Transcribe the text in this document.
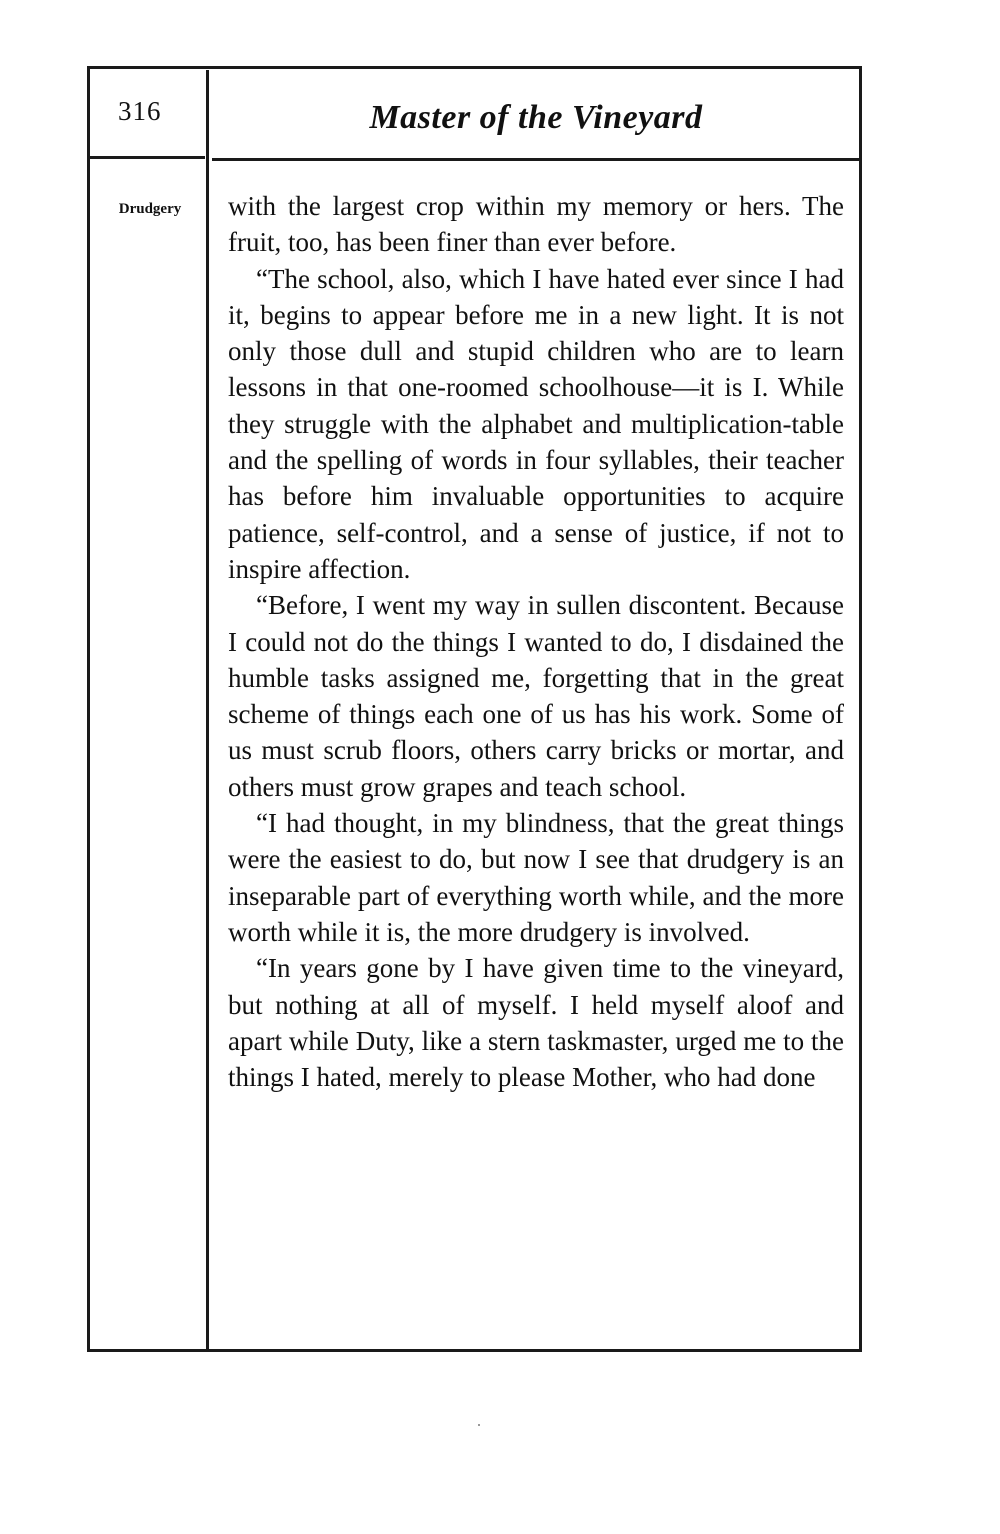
316	Master of the Vineyard
Drudgery	with the largest crop within my memory or hers. The fruit, too, has been finer than ever before.

“The school, also, which I have hated ever since I had it, begins to appear before me in a new light. It is not only those dull and stupid children who are to learn lessons in that one-roomed schoolhouse—it is I. While they struggle with the alphabet and multiplication-table and the spelling of words in four syllables, their teacher has before him invaluable opportunities to acquire patience, self-control, and a sense of justice, if not to inspire affection.

“Before, I went my way in sullen discontent. Because I could not do the things I wanted to do, I disdained the humble tasks assigned me, forgetting that in the great scheme of things each one of us has his work. Some of us must scrub floors, others carry bricks or mortar, and others must grow grapes and teach school.

“I had thought, in my blindness, that the great things were the easiest to do, but now I see that drudgery is an inseparable part of everything worth while, and the more worth while it is, the more drudgery is involved.

“In years gone by I have given time to the vineyard, but nothing at all of myself. I held myself aloof and apart while Duty, like a stern taskmaster, urged me to the things I hated, merely to please Mother, who had done
